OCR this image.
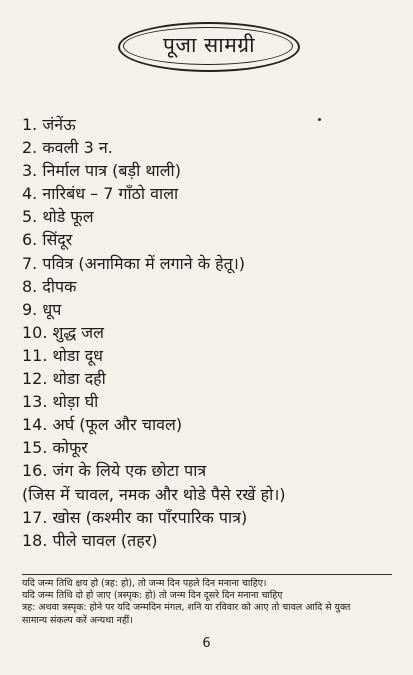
पूजा सामग्री
1. जंनेंऊ
2. कवली 3 न.
3. निर्माल पात्र (बड़ी थाली)
4. नारिबंध – 7 गाँठो वाला
5. थोडे फूल
6. सिंदूर
7. पवित्र (अनामिका में लगाने के हेतू।)
8. दीपक
9. धूप
10. शुद्ध जल
11. थोडा दूध
12. थोडा दही
13. थोड़ा घी
14. अर्घ (फूल और चावल)
15. कोफूर
16. जंग के लिये एक छोटा पात्र
(जिस में चावल, नमक और थोडे पैसे रखें हो।)
17. खोस (कश्मीर का पाँरपारिक पात्र)
18. पीले चावल (तहर)
यदि जन्म तिथि क्षय हो (त्रह: हो), तो जन्म दिन पहले दिन मनाना चाहिए।
यदि जन्म तिथि दो हो जाए (त्रस्पृक: हो) तो जन्म दिन दूसरे दिन मनाना चाहिए
त्रह: अथवा त्रस्पृक: होने पर यदि जन्मदिन मंगल, शनि या रविवार को आए तो चावल आदि से युक्त
सामान्य संकल्प करें अन्यथा नहीं।
6
